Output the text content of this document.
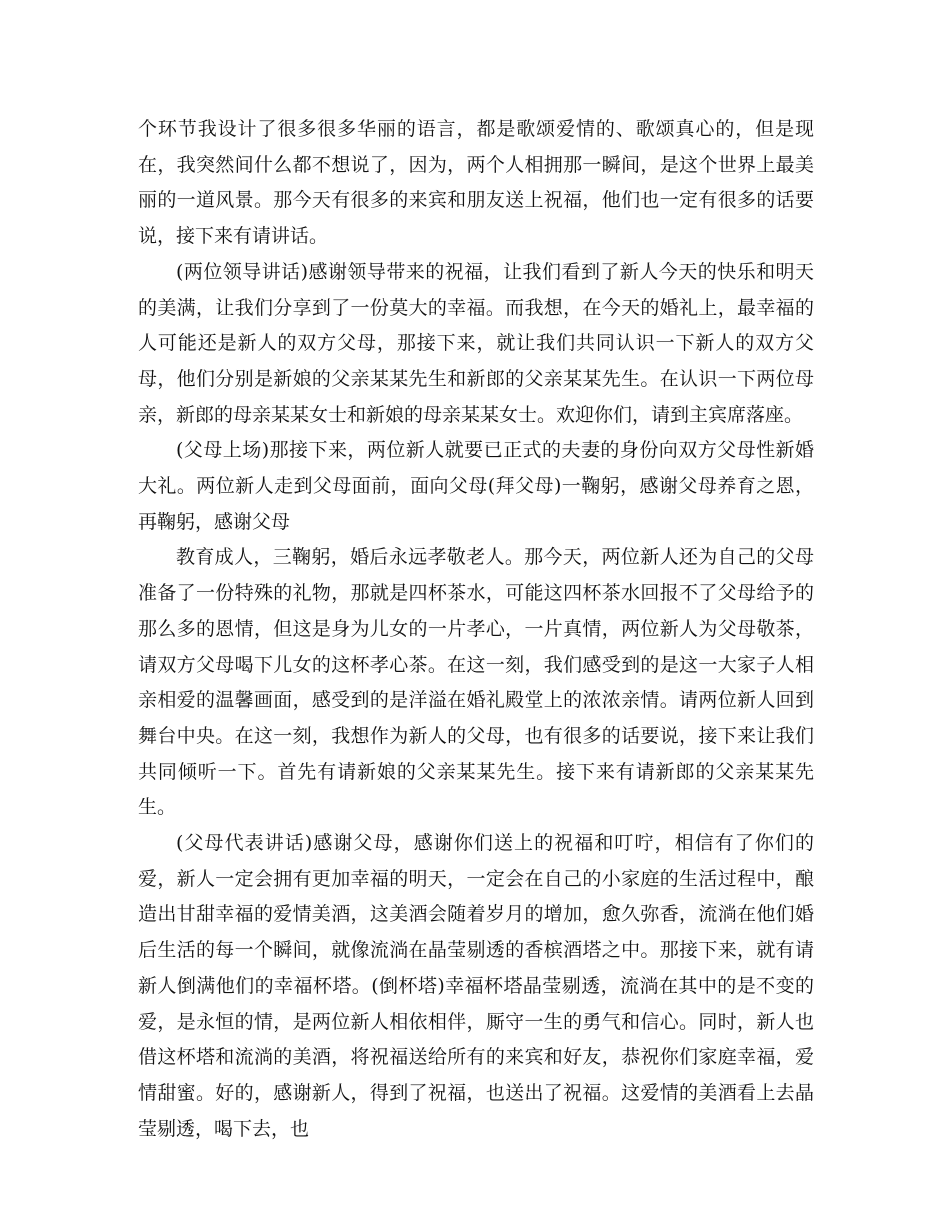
个环节我设计了很多很多华丽的语言，都是歌颂爱情的、歌颂真心的，但是现在，我突然间什么都不想说了，因为，两个人相拥那一瞬间，是这个世界上最美丽的一道风景。那今天有很多的来宾和朋友送上祝福，他们也一定有很多的话要说，接下来有请讲话。

(两位领导讲话)感谢领导带来的祝福，让我们看到了新人今天的快乐和明天的美满，让我们分享到了一份莫大的幸福。而我想，在今天的婚礼上，最幸福的人可能还是新人的双方父母，那接下来，就让我们共同认识一下新人的双方父母，他们分别是新娘的父亲某某先生和新郎的父亲某某先生。在认识一下两位母亲，新郎的母亲某某女士和新娘的母亲某某女士。欢迎你们，请到主宾席落座。

(父母上场)那接下来，两位新人就要已正式的夫妻的身份向双方父母性新婚大礼。两位新人走到父母面前，面向父母(拜父母)一鞠躬，感谢父母养育之恩，再鞠躬，感谢父母

教育成人，三鞠躬，婚后永远孝敬老人。那今天，两位新人还为自己的父母准备了一份特殊的礼物，那就是四杯茶水，可能这四杯茶水回报不了父母给予的那么多的恩情，但这是身为儿女的一片孝心，一片真情，两位新人为父母敬茶，请双方父母喝下儿女的这杯孝心茶。在这一刻，我们感受到的是这一大家子人相亲相爱的温馨画面，感受到的是洋溢在婚礼殿堂上的浓浓亲情。请两位新人回到舞台中央。在这一刻，我想作为新人的父母，也有很多的话要说，接下来让我们共同倾听一下。首先有请新娘的父亲某某先生。接下来有请新郎的父亲某某先生。

(父母代表讲话)感谢父母，感谢你们送上的祝福和叮咛，相信有了你们的爱，新人一定会拥有更加幸福的明天，一定会在自己的小家庭的生活过程中，酿造出甘甜幸福的爱情美酒，这美酒会随着岁月的增加，愈久弥香，流淌在他们婚后生活的每一个瞬间，就像流淌在晶莹剔透的香槟酒塔之中。那接下来，就有请新人倒满他们的幸福杯塔。(倒杯塔)幸福杯塔晶莹剔透，流淌在其中的是不变的爱，是永恒的情，是两位新人相依相伴，厮守一生的勇气和信心。同时，新人也借这杯塔和流淌的美酒，将祝福送给所有的来宾和好友，恭祝你们家庭幸福，爱情甜蜜。好的，感谢新人，得到了祝福，也送出了祝福。这爱情的美酒看上去晶莹剔透，喝下去，也
